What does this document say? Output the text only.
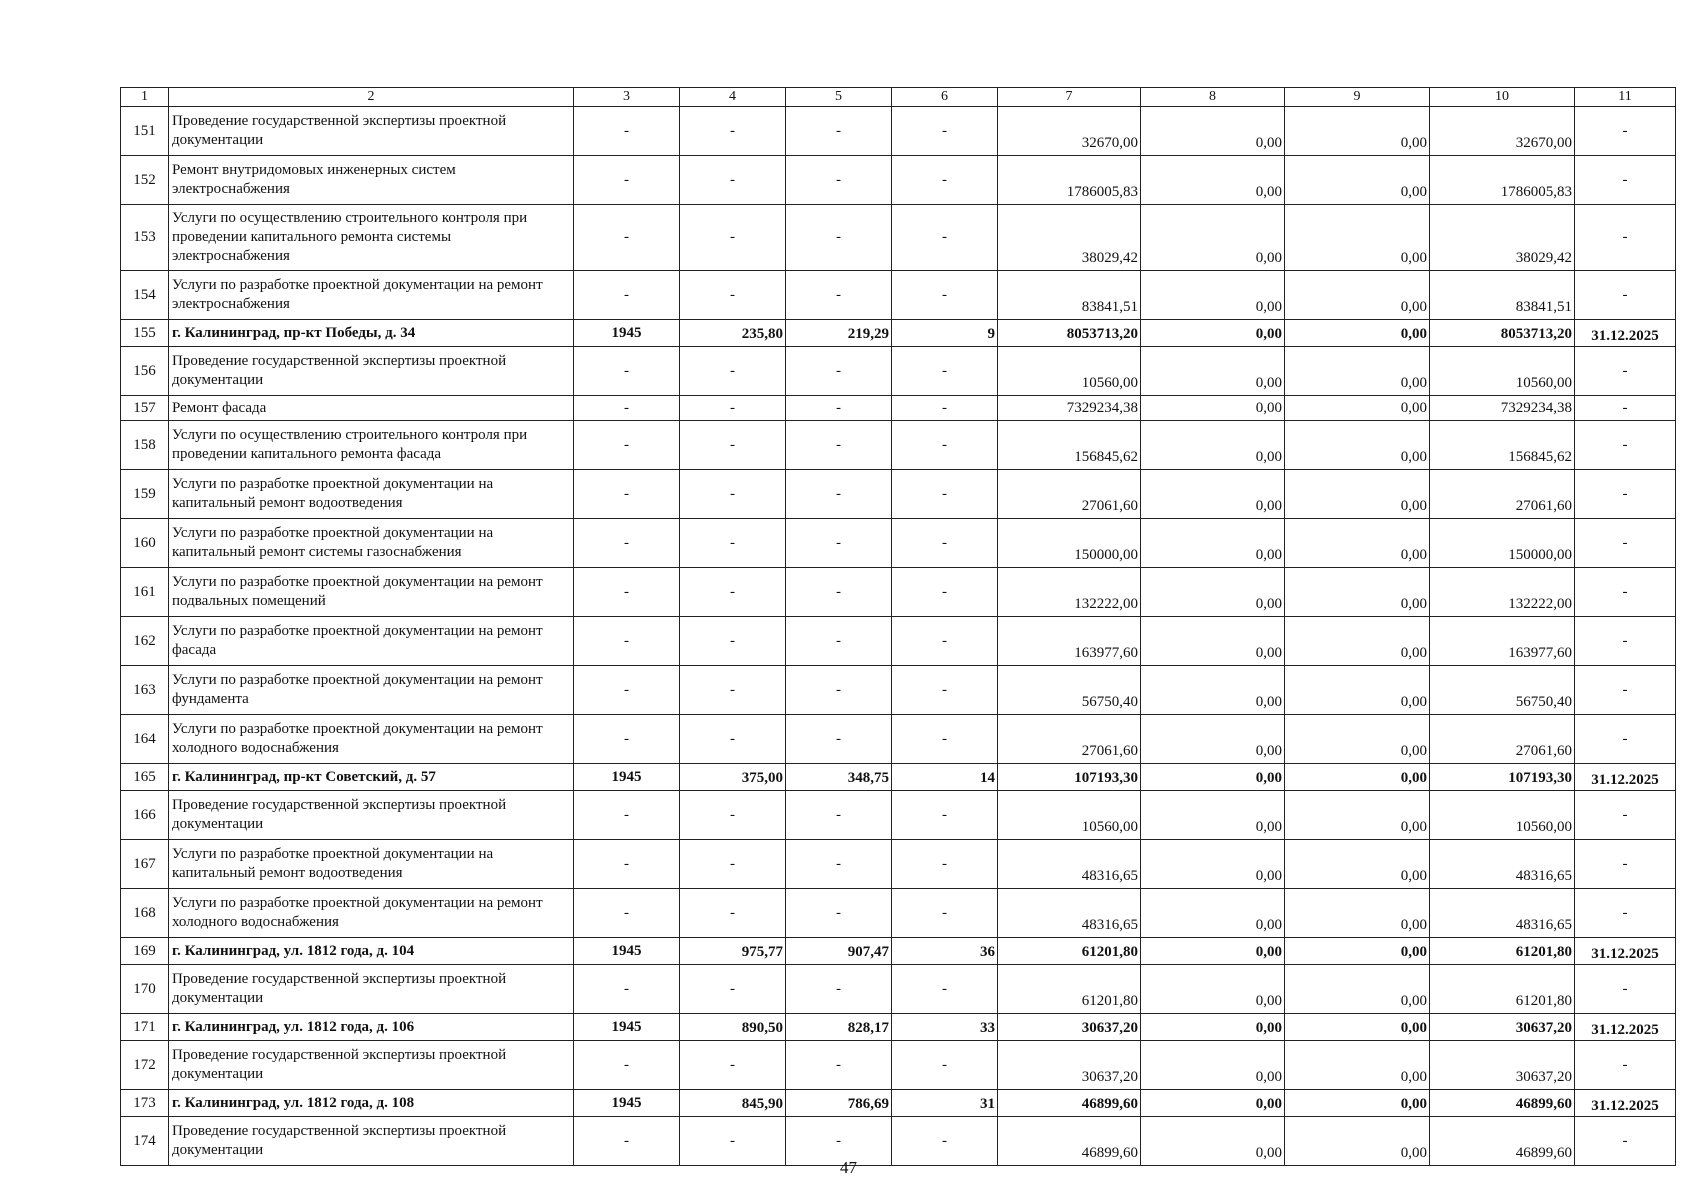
1	2	3	4	5	6	7	8	9	10	11
151	Проведение государственной экспертизы проектной документации	-	-	-	-	32670,00	0,00	0,00	32670,00	-
152	Ремонт внутридомовых инженерных систем электроснабжения	-	-	-	-	1786005,83	0,00	0,00	1786005,83	-
153	Услуги по осуществлению строительного контроля при проведении капитального ремонта системы электроснабжения	-	-	-	-	38029,42	0,00	0,00	38029,42	-
154	Услуги по разработке проектной документации на ремонт электроснабжения	-	-	-	-	83841,51	0,00	0,00	83841,51	-
155	г. Калининград, пр-кт Победы, д. 34	1945	235,80	219,29	9	8053713,20	0,00	0,00	8053713,20	31.12.2025
156	Проведение государственной экспертизы проектной документации	-	-	-	-	10560,00	0,00	0,00	10560,00	-
157	Ремонт фасада	-	-	-	-	7329234,38	0,00	0,00	7329234,38	-
158	Услуги по осуществлению строительного контроля при проведении капитального ремонта фасада	-	-	-	-	156845,62	0,00	0,00	156845,62	-
159	Услуги по разработке проектной документации на капитальный ремонт водоотведения	-	-	-	-	27061,60	0,00	0,00	27061,60	-
160	Услуги по разработке проектной документации на капитальный ремонт системы газоснабжения	-	-	-	-	150000,00	0,00	0,00	150000,00	-
161	Услуги по разработке проектной документации на ремонт подвальных помещений	-	-	-	-	132222,00	0,00	0,00	132222,00	-
162	Услуги по разработке проектной документации на ремонт фасада	-	-	-	-	163977,60	0,00	0,00	163977,60	-
163	Услуги по разработке проектной документации на ремонт фундамента	-	-	-	-	56750,40	0,00	0,00	56750,40	-
164	Услуги по разработке проектной документации на ремонт холодного водоснабжения	-	-	-	-	27061,60	0,00	0,00	27061,60	-
165	г. Калининград, пр-кт Советский, д. 57	1945	375,00	348,75	14	107193,30	0,00	0,00	107193,30	31.12.2025
166	Проведение государственной экспертизы проектной документации	-	-	-	-	10560,00	0,00	0,00	10560,00	-
167	Услуги по разработке проектной документации на капитальный ремонт водоотведения	-	-	-	-	48316,65	0,00	0,00	48316,65	-
168	Услуги по разработке проектной документации на ремонт холодного водоснабжения	-	-	-	-	48316,65	0,00	0,00	48316,65	-
169	г. Калининград, ул. 1812 года, д. 104	1945	975,77	907,47	36	61201,80	0,00	0,00	61201,80	31.12.2025
170	Проведение государственной экспертизы проектной документации	-	-	-	-	61201,80	0,00	0,00	61201,80	-
171	г. Калининград, ул. 1812 года, д. 106	1945	890,50	828,17	33	30637,20	0,00	0,00	30637,20	31.12.2025
172	Проведение государственной экспертизы проектной документации	-	-	-	-	30637,20	0,00	0,00	30637,20	-
173	г. Калининград, ул. 1812 года, д. 108	1945	845,90	786,69	31	46899,60	0,00	0,00	46899,60	31.12.2025
174	Проведение государственной экспертизы проектной документации	-	-	-	-	46899,60	0,00	0,00	46899,60	-
47
